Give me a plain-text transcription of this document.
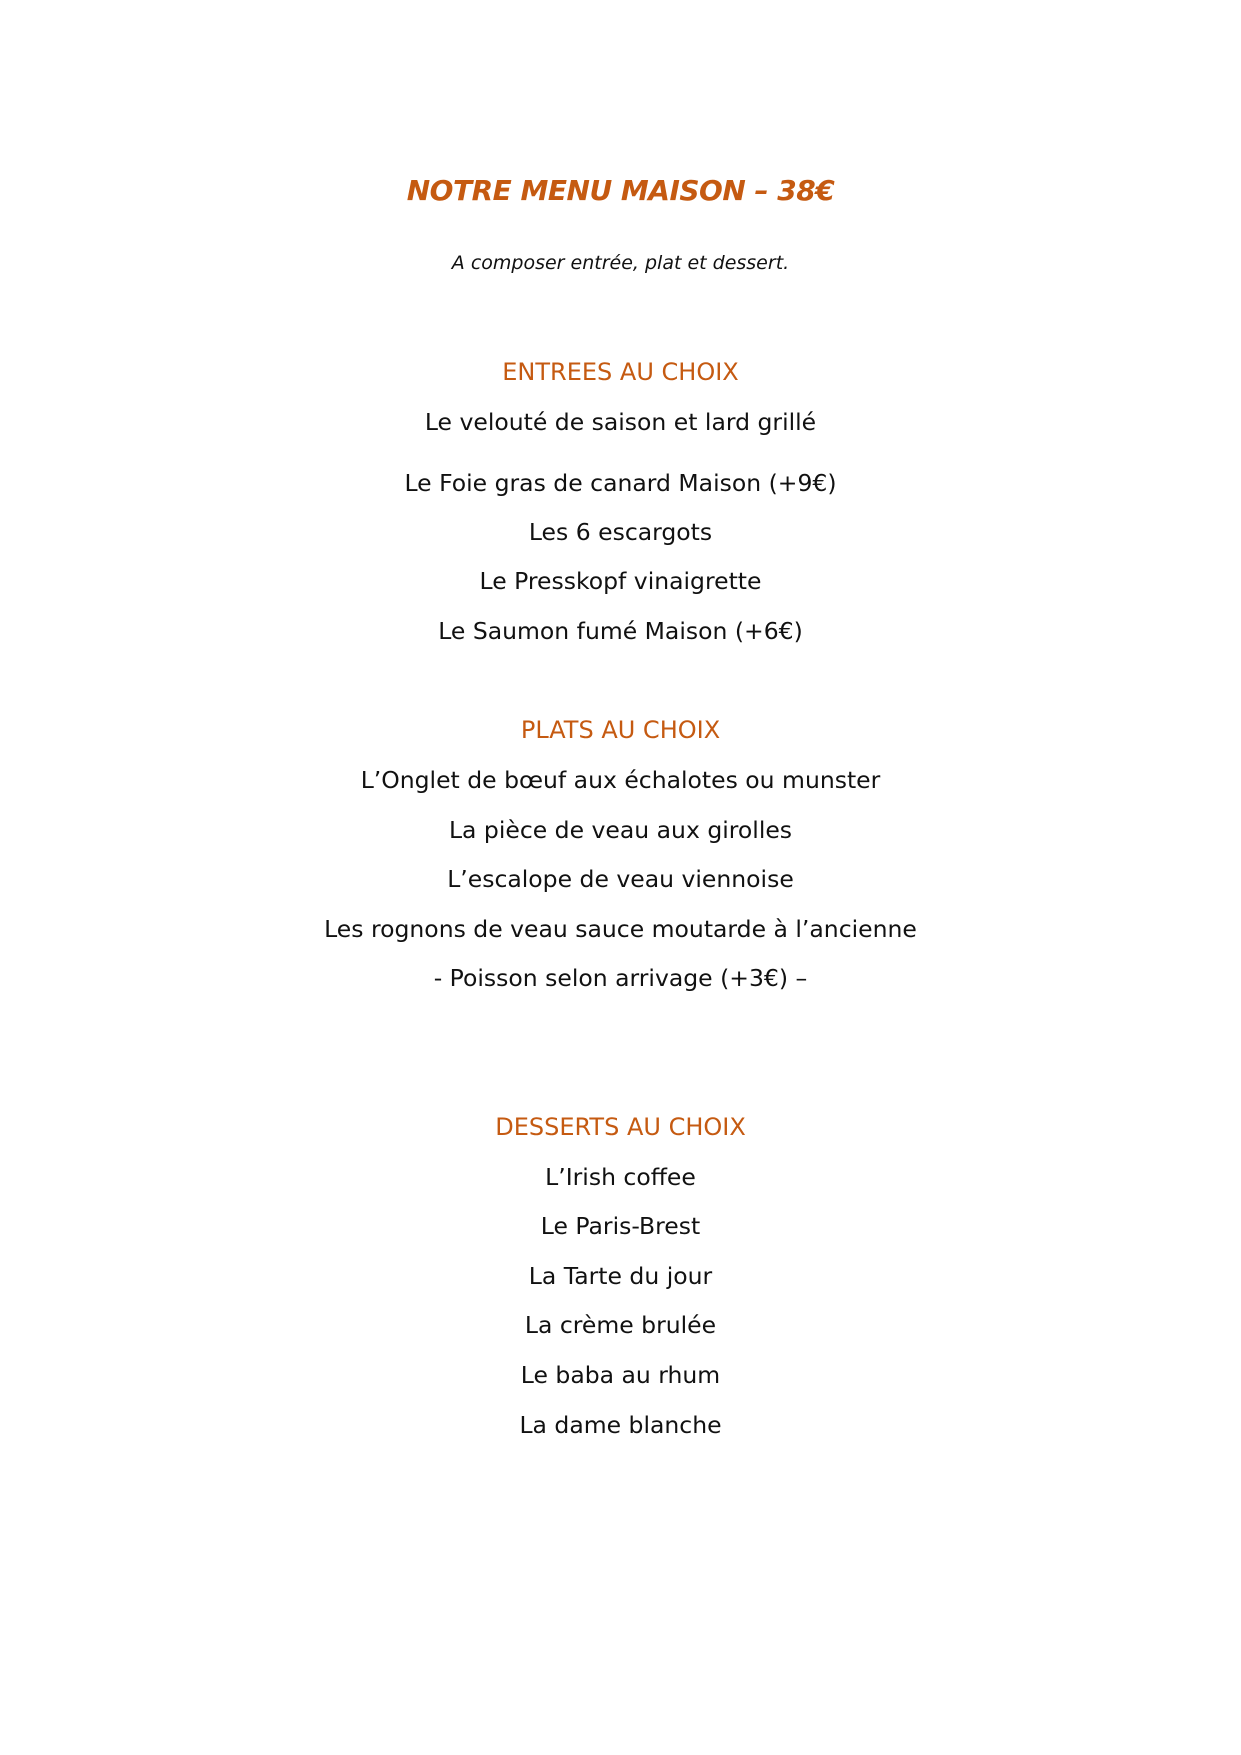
NOTRE MENU MAISON – 38€
A composer entrée, plat et dessert.
ENTREES AU CHOIX
Le velouté de saison et lard grillé
Le Foie gras de canard Maison (+9€)
Les 6 escargots
Le Presskopf vinaigrette
Le Saumon fumé Maison (+6€)
PLATS AU CHOIX
L’Onglet de bœuf aux échalotes ou munster
La pièce de veau aux girolles
L’escalope de veau viennoise
Les rognons de veau sauce moutarde à l’ancienne
- Poisson selon arrivage (+3€) –
DESSERTS AU CHOIX
L’Irish coffee
Le Paris-Brest
La Tarte du jour
La crème brulée
Le baba au rhum
La dame blanche
